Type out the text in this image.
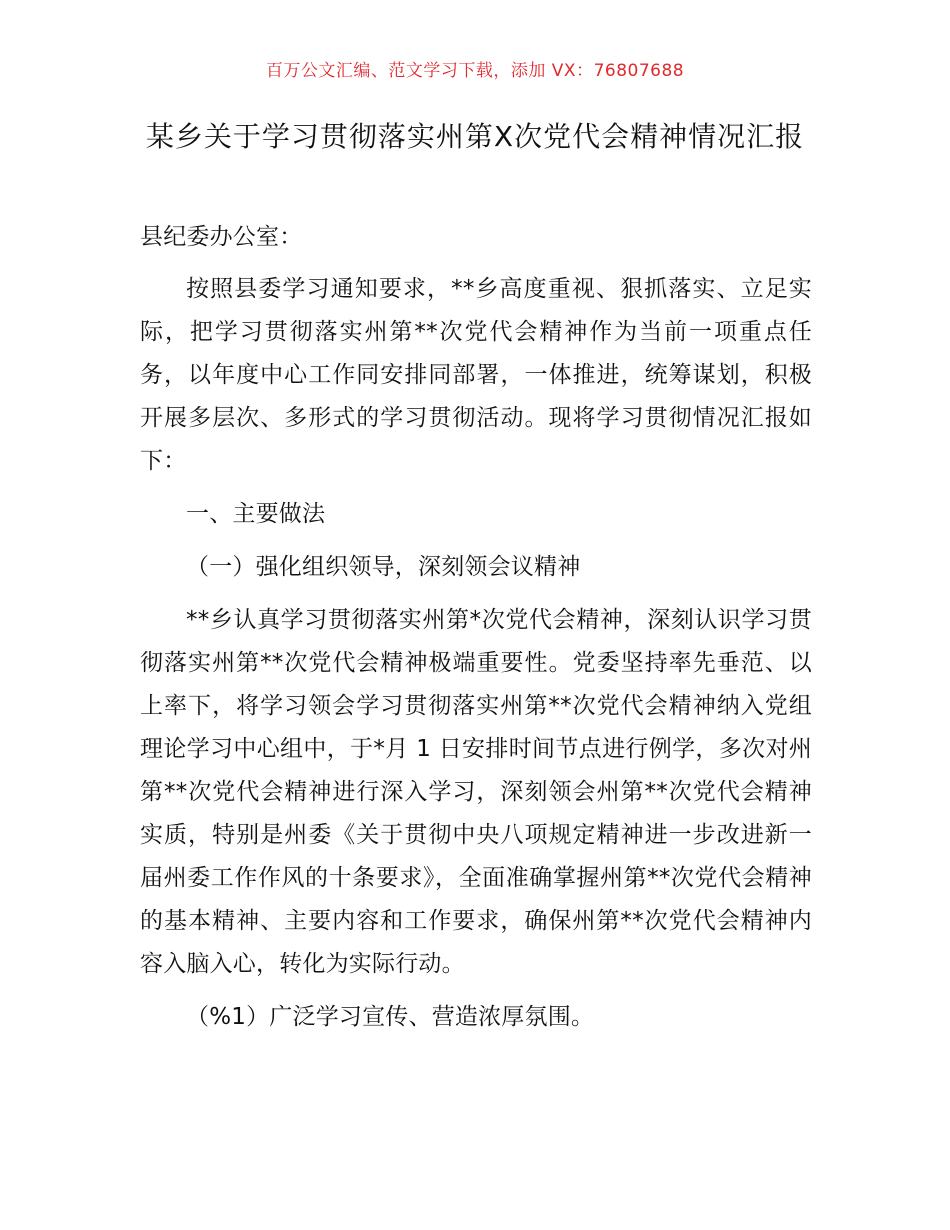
百万公文汇编、范文学习下载，添加 VX：76807688
某乡关于学习贯彻落实州第Ⅹ次党代会精神情况汇报

县纪委办公室：

按照县委学习通知要求，**乡高度重视、狠抓落实、立足实际，把学习贯彻落实州第**次党代会精神作为当前一项重点任务，以年度中心工作同安排同部署，一体推进，统筹谋划，积极开展多层次、多形式的学习贯彻活动。现将学习贯彻情况汇报如下：

一、主要做法

（一）强化组织领导，深刻领会议精神

**乡认真学习贯彻落实州第*次党代会精神，深刻认识学习贯彻落实州第**次党代会精神极端重要性。党委坚持率先垂范、以上率下，将学习领会学习贯彻落实州第**次党代会精神纳入党组理论学习中心组中，于*月 1 日安排时间节点进行例学，多次对州第**次党代会精神进行深入学习，深刻领会州第**次党代会精神实质，特别是州委《关于贯彻中央八项规定精神进一步改进新一届州委工作作风的十条要求》，全面准确掌握州第**次党代会精神的基本精神、主要内容和工作要求，确保州第**次党代会精神内容入脑入心，转化为实际行动。

（%1）广泛学习宣传、营造浓厚氛围。
